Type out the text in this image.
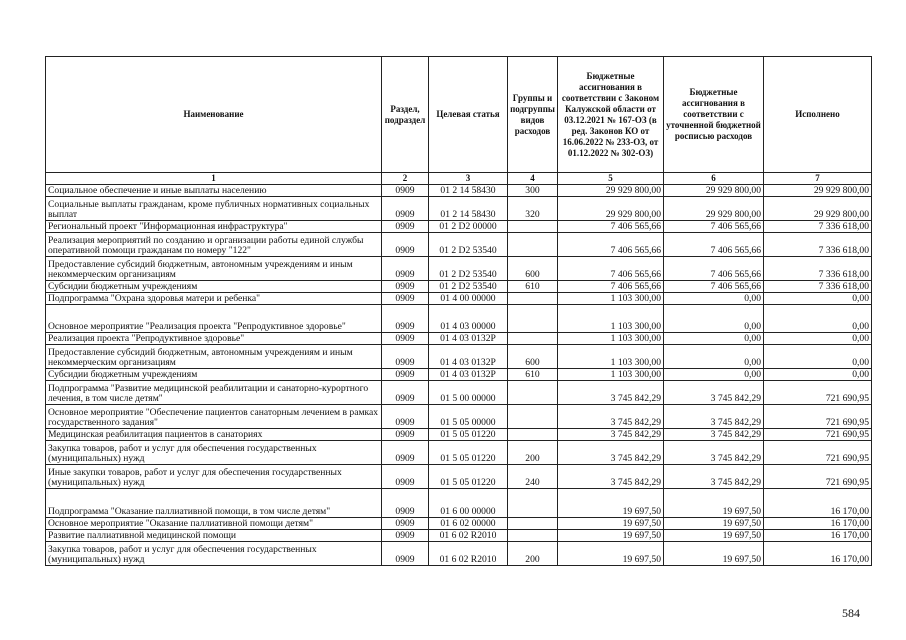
Наименование	Раздел, подраздел	Целевая статья	Группы и подгруппы видов расходов	Бюджетные ассигнования в соответствии с Законом Калужской области от 03.12.2021 № 167-ОЗ (в ред. Законов КО от 16.06.2022 № 233-ОЗ, от 01.12.2022 № 302-ОЗ)	Бюджетные ассигнования в соответствии с уточненной бюджетной росписью расходов	Исполнено
1	2	3	4	5	6	7
Социальное обеспечение и иные выплаты населению	0909	01 2 14 58430	300	29 929 800,00	29 929 800,00	29 929 800,00
Социальные выплаты гражданам, кроме публичных нормативных социальных выплат	0909	01 2 14 58430	320	29 929 800,00	29 929 800,00	29 929 800,00
Региональный проект "Информационная инфраструктура"	0909	01 2 D2 00000		7 406 565,66	7 406 565,66	7 336 618,00
Реализация мероприятий по созданию и организации работы единой службы оперативной помощи гражданам по номеру "122"	0909	01 2 D2 53540		7 406 565,66	7 406 565,66	7 336 618,00
Предоставление субсидий бюджетным, автономным учреждениям и иным некоммерческим организациям	0909	01 2 D2 53540	600	7 406 565,66	7 406 565,66	7 336 618,00
Субсидии бюджетным учреждениям	0909	01 2 D2 53540	610	7 406 565,66	7 406 565,66	7 336 618,00
Подпрограмма "Охрана здоровья матери и ребенка"	0909	01 4 00 00000		1 103 300,00	0,00	0,00
Основное мероприятие "Реализация проекта "Репродуктивное здоровье"	0909	01 4 03 00000		1 103 300,00	0,00	0,00
Реализация проекта "Репродуктивное здоровье"	0909	01 4 03 0132P		1 103 300,00	0,00	0,00
Предоставление субсидий бюджетным, автономным учреждениям и иным некоммерческим организациям	0909	01 4 03 0132P	600	1 103 300,00	0,00	0,00
Субсидии бюджетным учреждениям	0909	01 4 03 0132P	610	1 103 300,00	0,00	0,00
Подпрограмма "Развитие медицинской реабилитации и санаторно-курортного лечения, в том числе детям"	0909	01 5 00 00000		3 745 842,29	3 745 842,29	721 690,95
Основное мероприятие "Обеспечение пациентов санаторным лечением в рамках государственного задания"	0909	01 5 05 00000		3 745 842,29	3 745 842,29	721 690,95
Медицинская реабилитация пациентов в санаториях	0909	01 5 05 01220		3 745 842,29	3 745 842,29	721 690,95
Закупка товаров, работ и услуг для обеспечения государственных (муниципальных) нужд	0909	01 5 05 01220	200	3 745 842,29	3 745 842,29	721 690,95
Иные закупки товаров, работ и услуг для обеспечения государственных (муниципальных) нужд	0909	01 5 05 01220	240	3 745 842,29	3 745 842,29	721 690,95
Подпрограмма "Оказание паллиативной помощи, в том числе детям"	0909	01 6 00 00000		19 697,50	19 697,50	16 170,00
Основное мероприятие "Оказание паллиативной помощи детям"	0909	01 6 02 00000		19 697,50	19 697,50	16 170,00
Развитие паллиативной медицинской помощи	0909	01 6 02 R2010		19 697,50	19 697,50	16 170,00
Закупка товаров, работ и услуг для обеспечения государственных (муниципальных) нужд	0909	01 6 02 R2010	200	19 697,50	19 697,50	16 170,00
584
